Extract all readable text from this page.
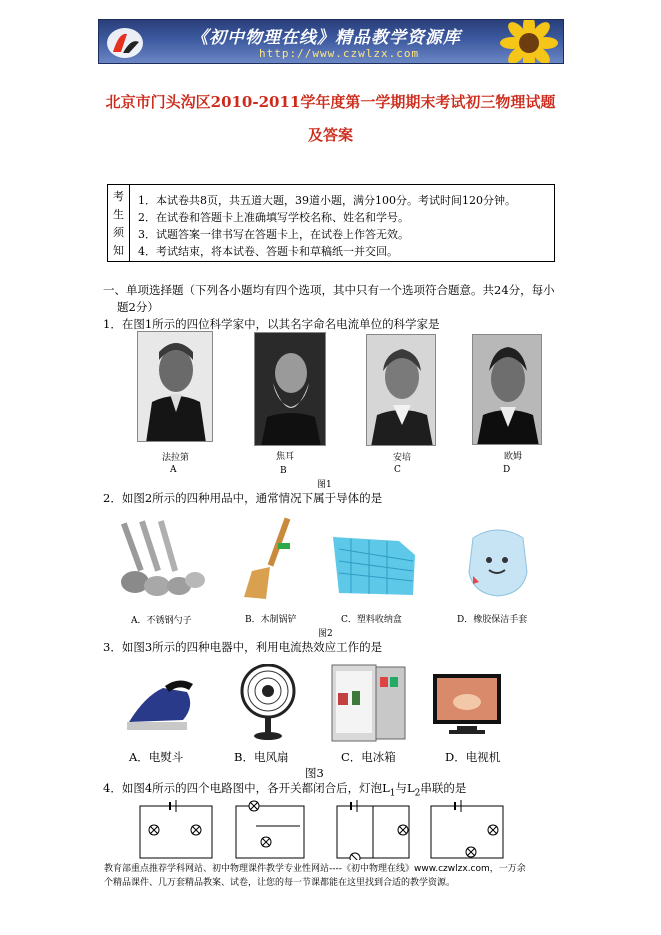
《初中物理在线》精品教学资源库
http://www.czwlzx.com
北京市门头沟区2010-2011学年度第一学期期末考试初三物理试题
及答案
考
生
须
知
1．本试卷共8页，共五道大题，39道小题，满分100分。考试时间120分钟。
2．在试卷和答题卡上准确填写学校名称、姓名和学号。
3．试题答案一律书写在答题卡上，在试卷上作答无效。
4．考试结束，将本试卷、答题卡和草稿纸一并交回。
一、单项选择题（下列各小题均有四个选项，其中只有一个选项符合题意。共24分，每小
题2分）
1．在图1所示的四位科学家中，以其名字命名电流单位的科学家是
法拉第	焦耳	安培	欧姆
A	B	C	D
图1
2．如图2所示的四种用品中，通常情况下属于导体的是
A．不锈钢勺子	B．木制锅铲	C．塑料收纳盒	D．橡胶保洁手套
图2
3．如图3所示的四种电器中，利用电流热效应工作的是
A．电熨斗	B．电风扇	C．电冰箱	D．电视机
图3
4．如图4所示的四个电路图中，各开关都闭合后，灯泡$L_1$与$L_2$串联的是
教育部重点推荐学科网站、初中物理课件教学专业性网站----《初中物理在线》www.czwlzx.com，一万余
个精品课件、几万套精品教案、试卷，让您的每一节课都能在这里找到合适的教学资源。
